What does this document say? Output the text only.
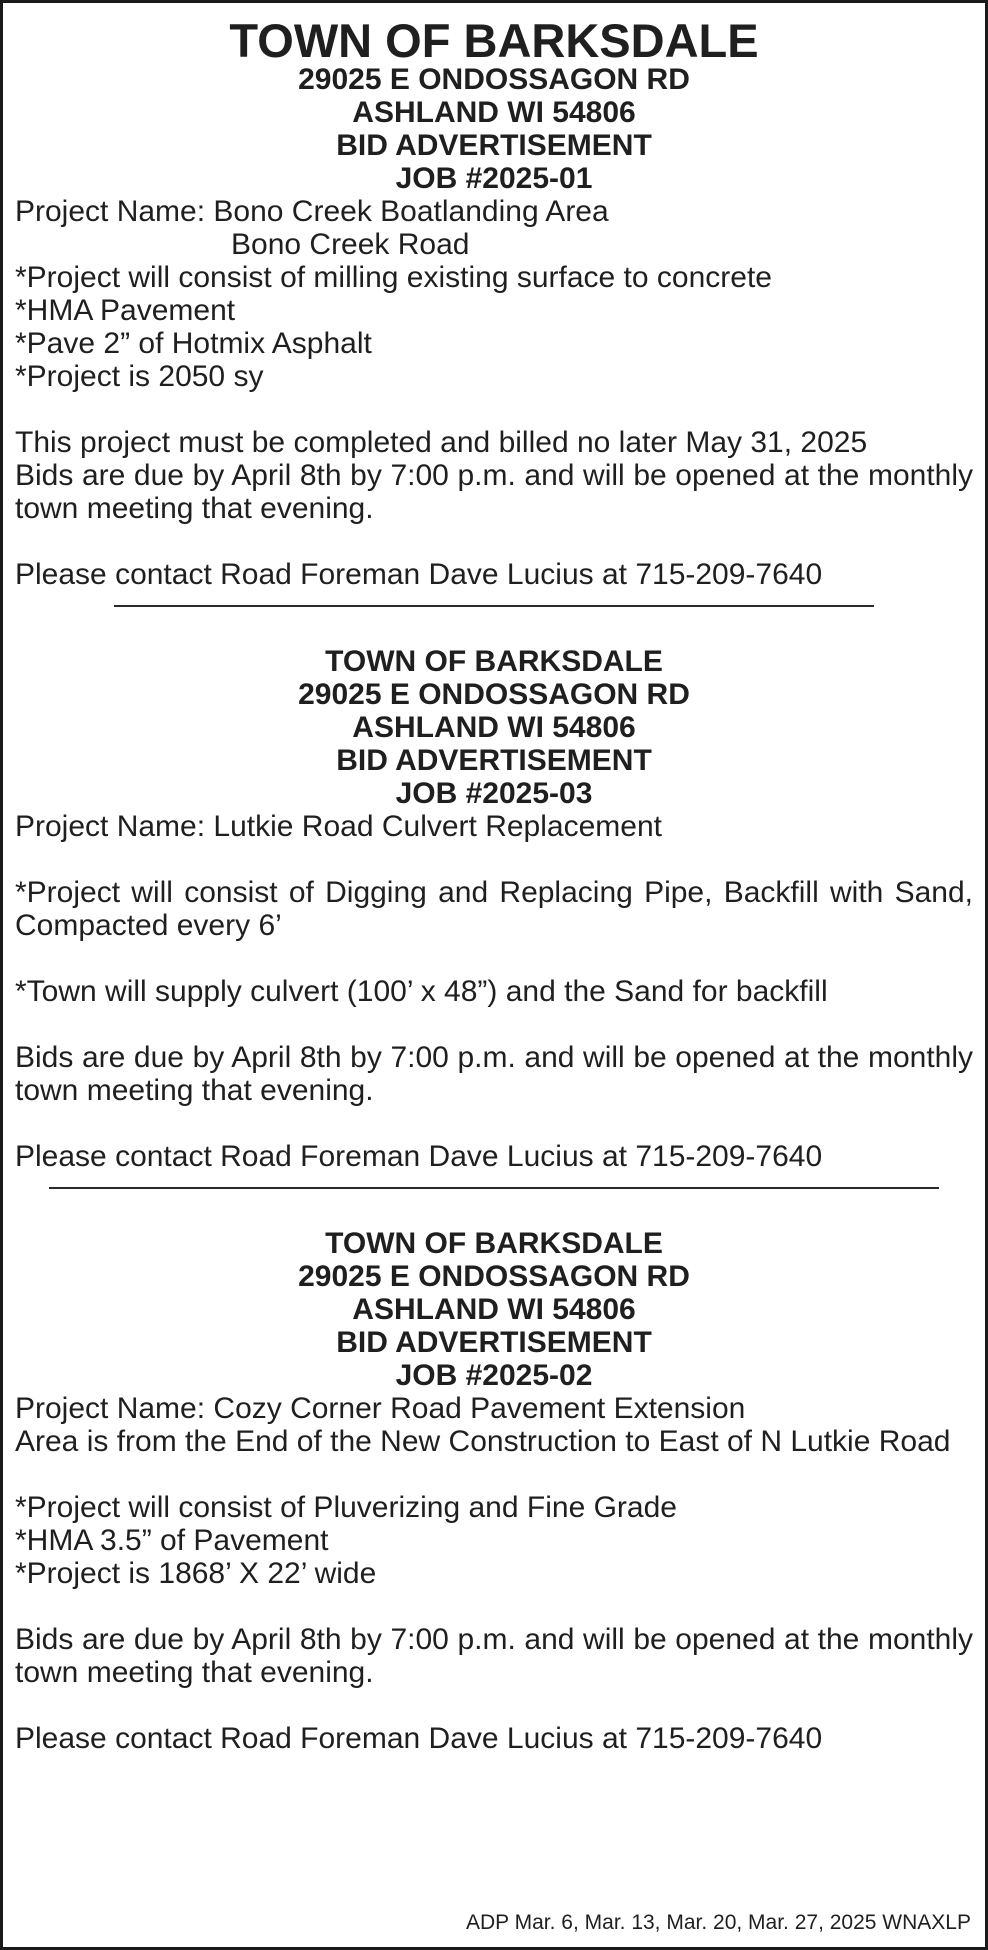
TOWN OF BARKSDALE
29025 E ONDOSSAGON RD
ASHLAND WI 54806
BID ADVERTISEMENT
JOB #2025-01
Project Name: Bono Creek Boatlanding Area
Bono Creek Road
*Project will consist of milling existing surface to concrete
*HMA Pavement
*Pave 2” of Hotmix Asphalt
*Project is 2050 sy
This project must be completed and billed no later May 31, 2025
Bids are due by April 8th by 7:00 p.m. and will be opened at the monthly town meeting that evening.
Please contact Road Foreman Dave Lucius at 715-209-7640
TOWN OF BARKSDALE
29025 E ONDOSSAGON RD
ASHLAND WI 54806
BID ADVERTISEMENT
JOB #2025-03
Project Name: Lutkie Road Culvert Replacement
*Project will consist of Digging and Replacing Pipe, Backfill with Sand, Compacted every 6’
*Town will supply culvert (100’ x 48”) and the Sand for backfill
Bids are due by April 8th by 7:00 p.m. and will be opened at the monthly town meeting that evening.
Please contact Road Foreman Dave Lucius at 715-209-7640
TOWN OF BARKSDALE
29025 E ONDOSSAGON RD
ASHLAND WI 54806
BID ADVERTISEMENT
JOB #2025-02
Project Name: Cozy Corner Road Pavement Extension
Area is from the End of the New Construction to East of N Lutkie Road
*Project will consist of Pluverizing and Fine Grade
*HMA 3.5” of Pavement
*Project is 1868’ X 22’ wide
Bids are due by April 8th by 7:00 p.m. and will be opened at the monthly town meeting that evening.
Please contact Road Foreman Dave Lucius at 715-209-7640
ADP Mar. 6, Mar. 13, Mar. 20, Mar. 27, 2025 WNAXLP
